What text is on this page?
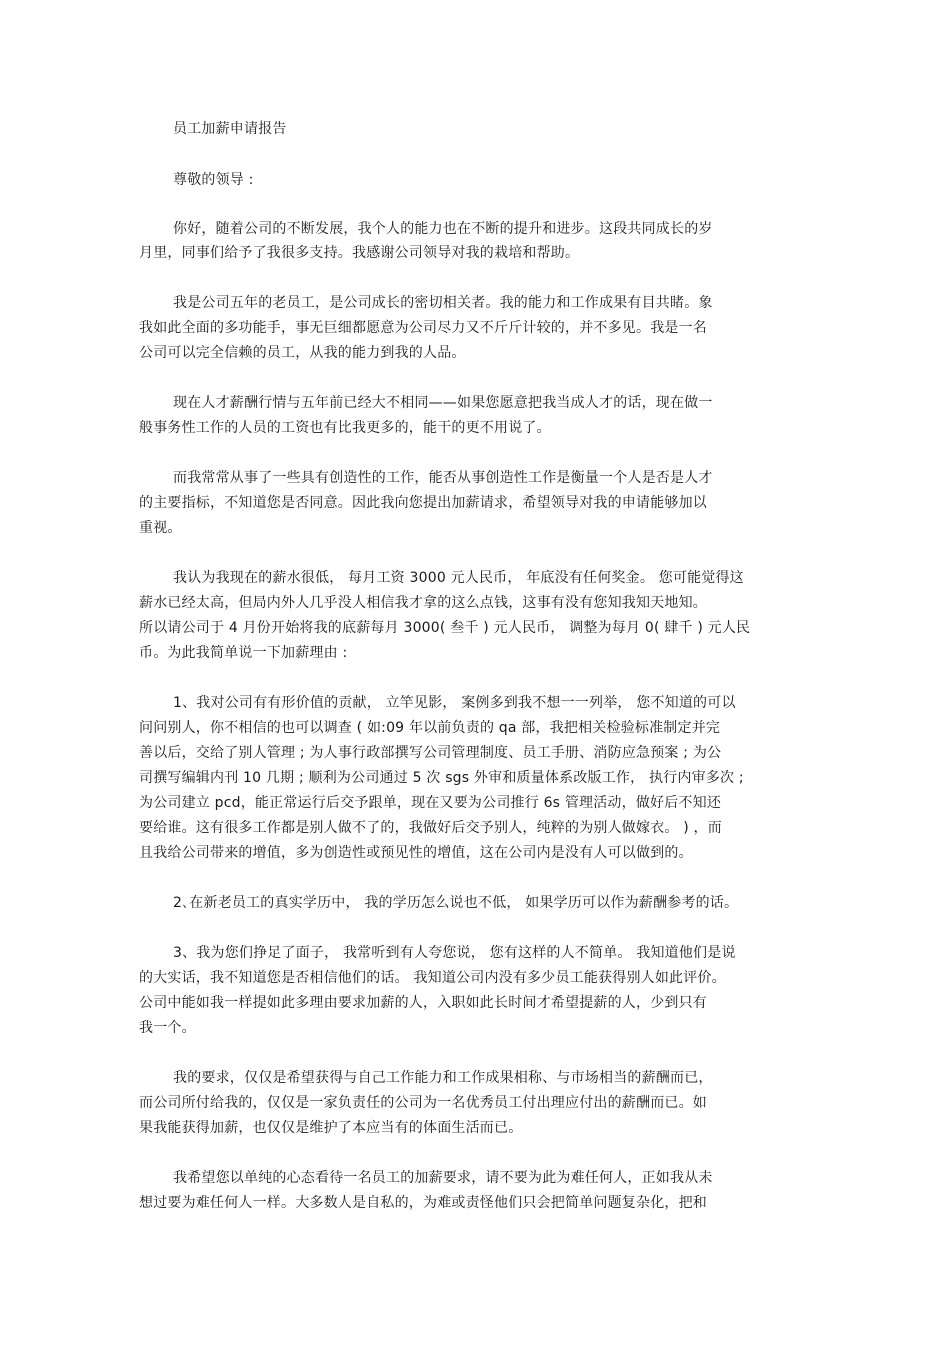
员工加薪申请报告
尊敬的领导 :
你好，随着公司的不断发展，我个人的能力也在不断的提升和进步。这段共同成长的岁
月里，同事们给予了我很多支持。我感谢公司领导对我的栽培和帮助。
我是公司五年的老员工，是公司成长的密切相关者。我的能力和工作成果有目共睹。象
我如此全面的多功能手，事无巨细都愿意为公司尽力又不斤斤计较的，并不多见。我是一名
公司可以完全信赖的员工，从我的能力到我的人品。
现在人才薪酬行情与五年前已经大不相同——如果您愿意把我当成人才的话，现在做一
般事务性工作的人员的工资也有比我更多的，能干的更不用说了。
而我常常从事了一些具有创造性的工作，能否从事创造性工作是衡量一个人是否是人才
的主要指标，不知道您是否同意。因此我向您提出加薪请求，希望领导对我的申请能够加以
重视。
我认为我现在的薪水很低， 每月工资 3000 元人民币， 年底没有任何奖金。 您可能觉得这
薪水已经太高，但局内外人几乎没人相信我才拿的这么点钱，这事有没有您知我知天地知。
所以请公司于 4 月份开始将我的底薪每月 3000( 叁千 ) 元人民币， 调整为每月 0( 肆千 ) 元人民
币。为此我简单说一下加薪理由 :
1、我对公司有有形价值的贡献， 立竿见影， 案例多到我不想一一列举， 您不知道的可以
问问别人，你不相信的也可以调查 ( 如:09 年以前负责的 qa 部，我把相关检验标准制定并完
善以后，交给了别人管理 ; 为人事行政部撰写公司管理制度、员工手册、消防应急预案 ; 为公
司撰写编辑内刊 10 几期 ; 顺利为公司通过 5 次 sgs 外审和质量体系改版工作， 执行内审多次 ;
为公司建立 pcd，能正常运行后交予跟单，现在又要为公司推行 6s 管理活动，做好后不知还
要给谁。这有很多工作都是别人做不了的，我做好后交予别人，纯粹的为别人做嫁衣。 ) ，而
且我给公司带来的增值，多为创造性或预见性的增值，这在公司内是没有人可以做到的。
2､在新老员工的真实学历中， 我的学历怎么说也不低， 如果学历可以作为薪酬参考的话。
3、我为您们挣足了面子， 我常听到有人夸您说， 您有这样的人不简单。 我知道他们是说
的大实话，我不知道您是否相信他们的话。 我知道公司内没有多少员工能获得别人如此评价。
公司中能如我一样提如此多理由要求加薪的人，入职如此长时间才希望提薪的人，少到只有
我一个。
我的要求，仅仅是希望获得与自己工作能力和工作成果相称、与市场相当的薪酬而已，
而公司所付给我的，仅仅是一家负责任的公司为一名优秀员工付出理应付出的薪酬而已。如
果我能获得加薪，也仅仅是维护了本应当有的体面生活而已。
我希望您以单纯的心态看待一名员工的加薪要求，请不要为此为难任何人，正如我从未
想过要为难任何人一样。大多数人是自私的，为难或责怪他们只会把简单问题复杂化，把和
